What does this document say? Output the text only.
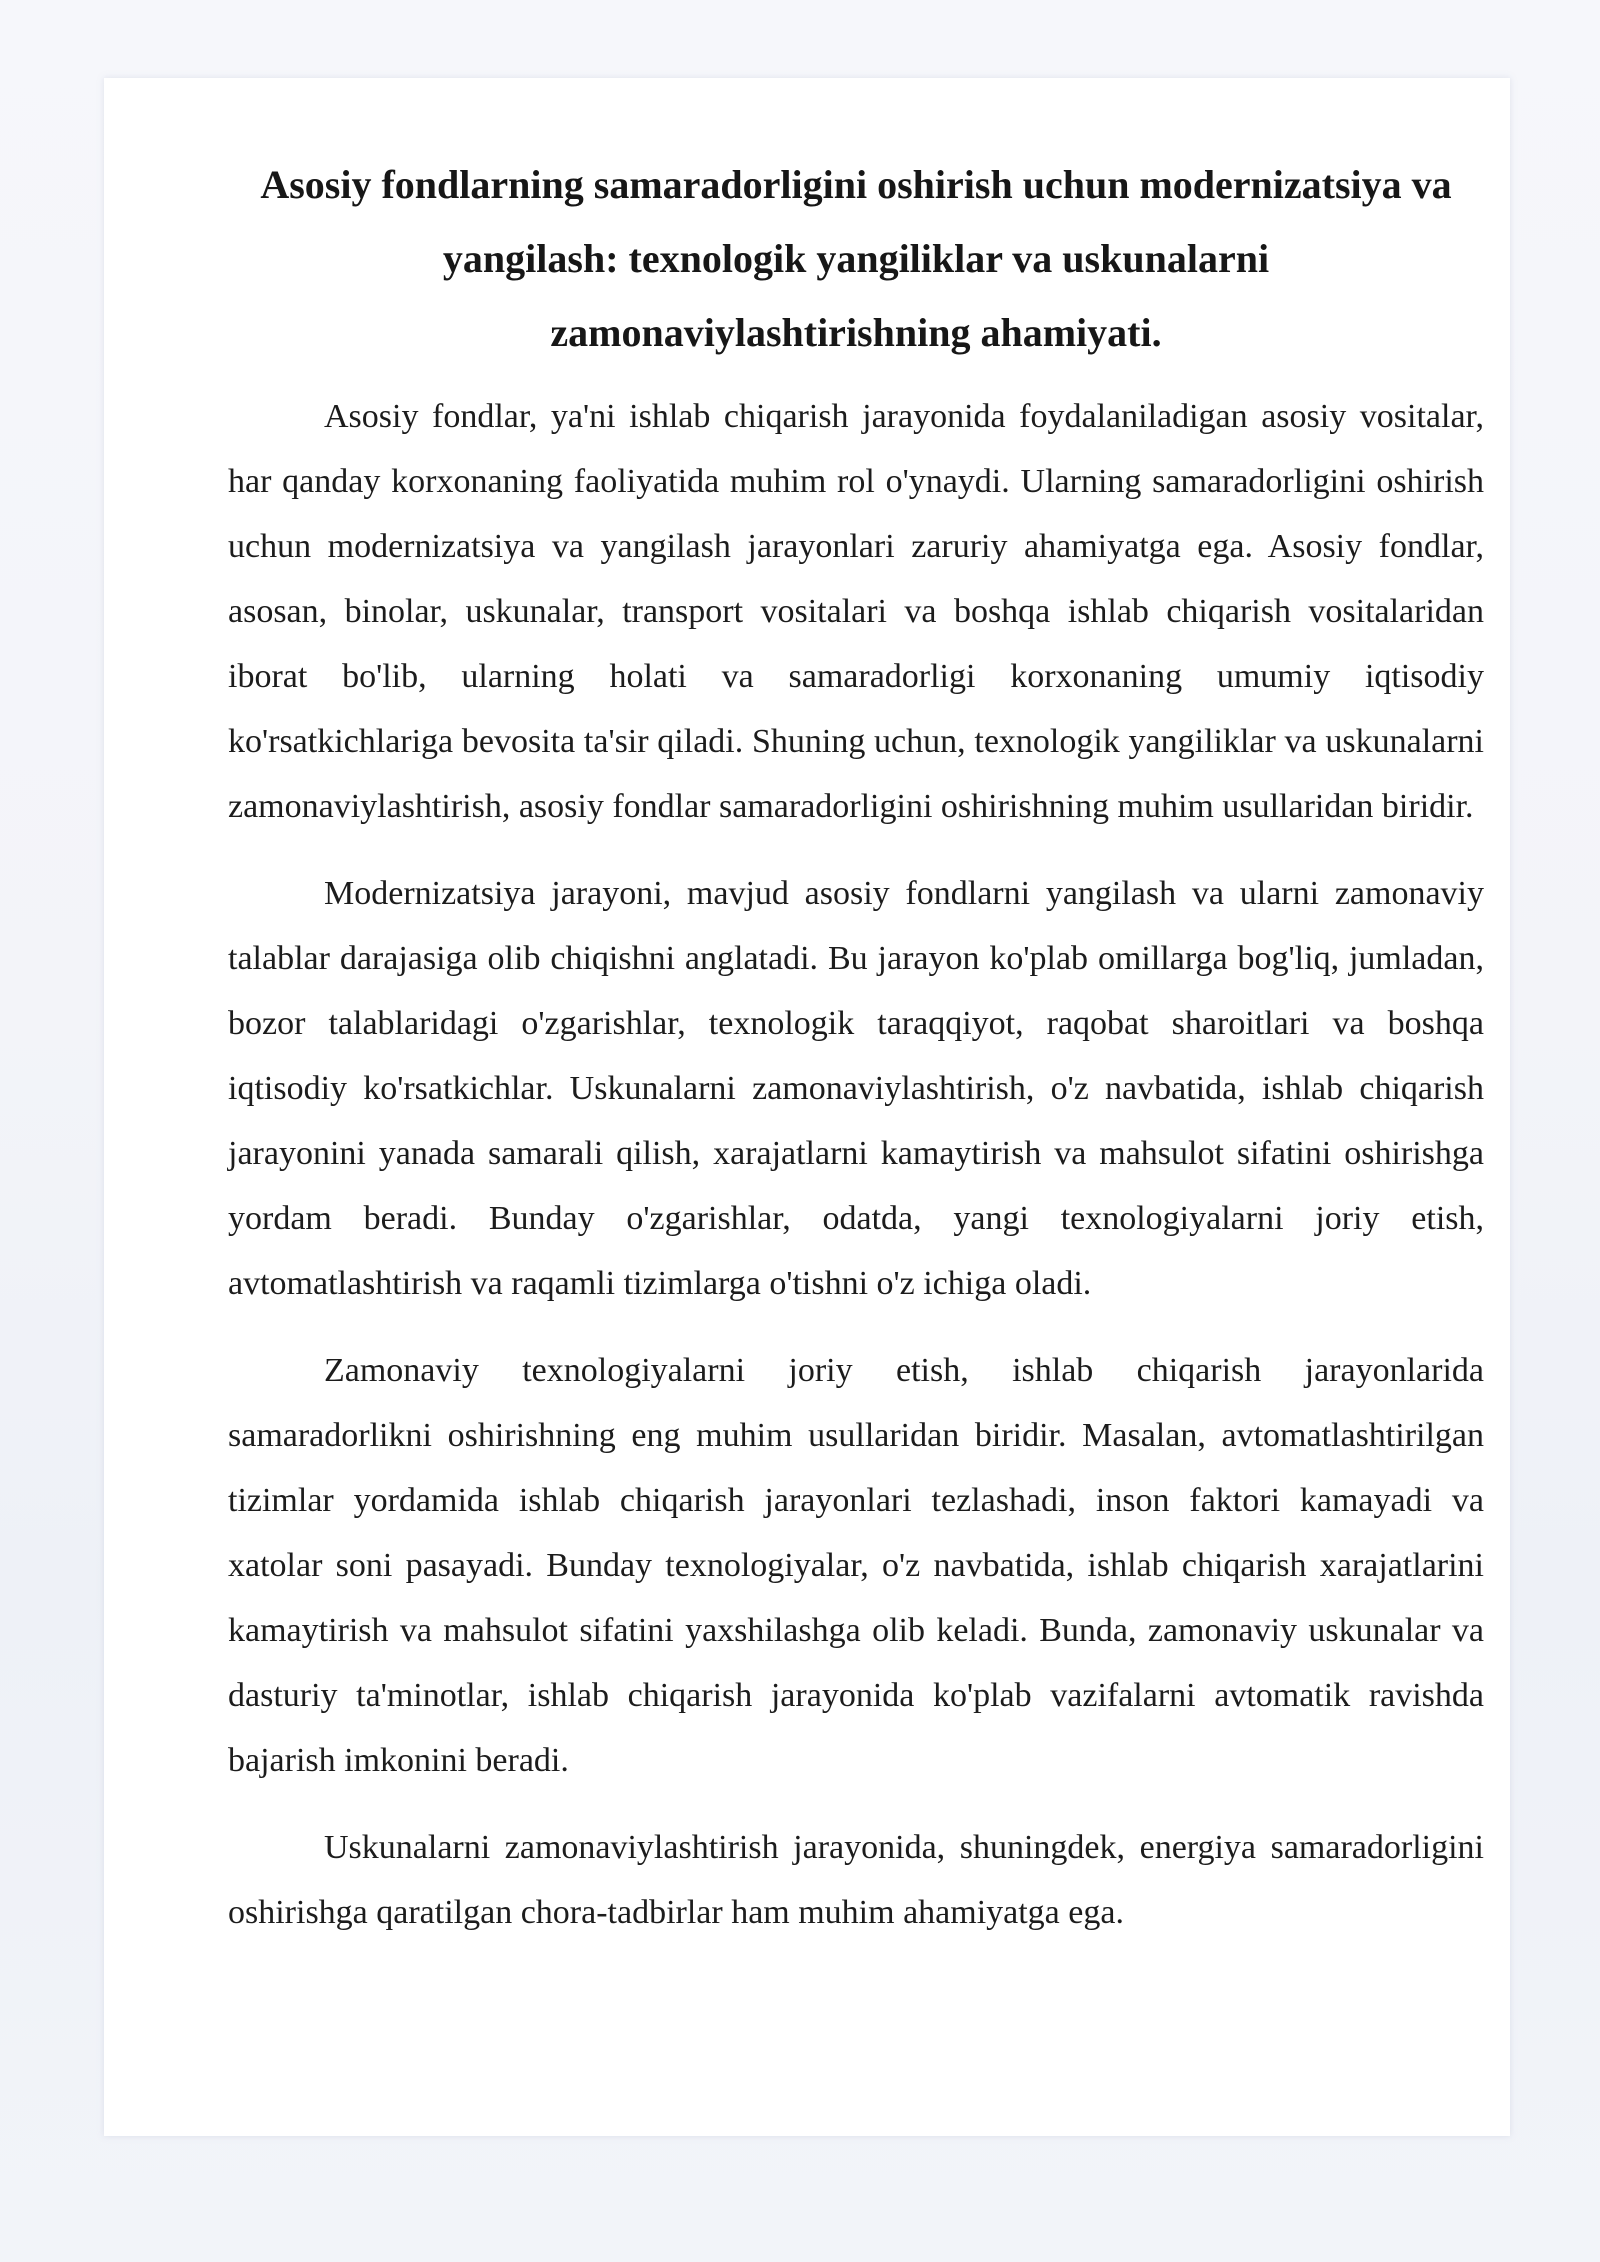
Asosiy fondlarning samaradorligini oshirish uchun modernizatsiya va yangilash: texnologik yangiliklar va uskunalarni zamonaviylashtirishning ahamiyati.

Asosiy fondlar, ya'ni ishlab chiqarish jarayonida foydalaniladigan asosiy vositalar, har qanday korxonaning faoliyatida muhim rol o'ynaydi. Ularning samaradorligini oshirish uchun modernizatsiya va yangilash jarayonlari zaruriy ahamiyatga ega. Asosiy fondlar, asosan, binolar, uskunalar, transport vositalari va boshqa ishlab chiqarish vositalaridan iborat bo'lib, ularning holati va samaradorligi korxonaning umumiy iqtisodiy ko'rsatkichlariga bevosita ta'sir qiladi. Shuning uchun, texnologik yangiliklar va uskunalarni zamonaviylashtirish, asosiy fondlar samaradorligini oshirishning muhim usullaridan biridir.

Modernizatsiya jarayoni, mavjud asosiy fondlarni yangilash va ularni zamonaviy talablar darajasiga olib chiqishni anglatadi. Bu jarayon ko'plab omillarga bog'liq, jumladan, bozor talablaridagi o'zgarishlar, texnologik taraqqiyot, raqobat sharoitlari va boshqa iqtisodiy ko'rsatkichlar. Uskunalarni zamonaviylashtirish, o'z navbatida, ishlab chiqarish jarayonini yanada samarali qilish, xarajatlarni kamaytirish va mahsulot sifatini oshirishga yordam beradi. Bunday o'zgarishlar, odatda, yangi texnologiyalarni joriy etish, avtomatlashtirish va raqamli tizimlarga o'tishni o'z ichiga oladi.

Zamonaviy texnologiyalarni joriy etish, ishlab chiqarish jarayonlarida samaradorlikni oshirishning eng muhim usullaridan biridir. Masalan, avtomatlashtirilgan tizimlar yordamida ishlab chiqarish jarayonlari tezlashadi, inson faktori kamayadi va xatolar soni pasayadi. Bunday texnologiyalar, o'z navbatida, ishlab chiqarish xarajatlarini kamaytirish va mahsulot sifatini yaxshilashga olib keladi. Bunda, zamonaviy uskunalar va dasturiy ta'minotlar, ishlab chiqarish jarayonida ko'plab vazifalarni avtomatik ravishda bajarish imkonini beradi.

Uskunalarni zamonaviylashtirish jarayonida, shuningdek, energiya samaradorligini oshirishga qaratilgan chora-tadbirlar ham muhim ahamiyatga ega.
